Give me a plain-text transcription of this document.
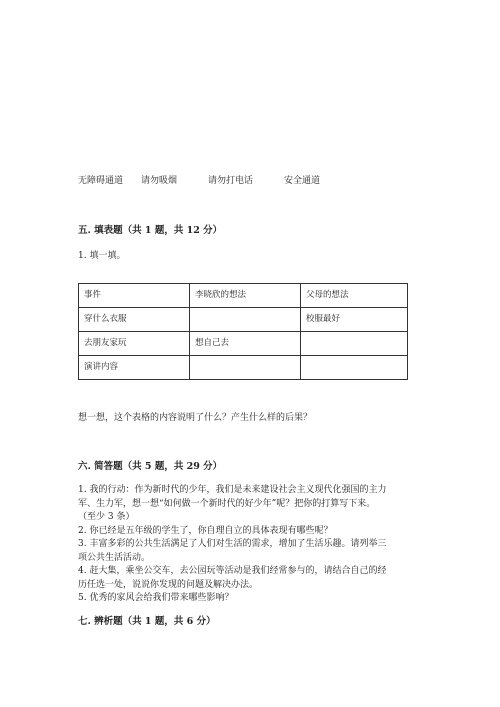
无障碍通道 请勿吸烟	请勿打电话	安全通道
五. 填表题（共 1 题，共 12 分）
1. 填一填。
事件	李晓欣的想法	父母的想法
穿什么衣服		校服最好
去朋友家玩	想自己去	
演讲内容		
想一想，这个表格的内容说明了什么？产生什么样的后果？
六. 简答题（共 5 题，共 29 分）

1. 我的行动：作为新时代的少年，我们是未来建设社会主义现代化强国的主力

军、生力军，想一想“如何做一个新时代的好少年”呢？把你的打算写下来。

（至少 3 条）

2. 你已经是五年级的学生了，你自理自立的具体表现有哪些呢？

3. 丰富多彩的公共生活满足了人们对生活的需求，增加了生活乐趣。请列举三

项公共生活活动。

4. 赶大集，乘坐公交车，去公园玩等活动是我们经常参与的，请结合自己的经

历任选一处，说说你发现的问题及解决办法。

5. 优秀的家风会给我们带来哪些影响？

七. 辨析题（共 1 题，共 6 分）
